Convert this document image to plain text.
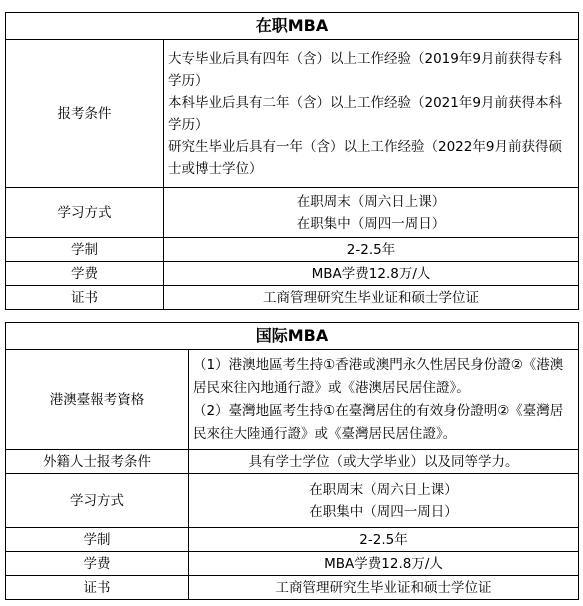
在职MBA	
报考条件	大专毕业后具有四年（含）以上工作经验（2019年9月前获得专科学历）
本科毕业后具有二年（含）以上工作经验（2021年9月前获得本科学历）
研究生毕业后具有一年（含）以上工作经验（2022年9月前获得硕士或博士学位）

学习方式	在职周末（周六日上课）
在职集中（周四一周日）

学制	2-2.5年
学费	MBA学费12.8万/人
证书	工商管理研究生毕业证和硕士学位证
国际MBA	
港澳臺報考資格	（1）港澳地區考生持①香港或澳門永久性居民身份證②《港澳居民來往內地通行證》或《港澳居民居住證》。
（2）臺灣地區考生持①在臺灣居住的有效身份證明②《臺灣居民來往大陸通行證》或《臺灣居民居住證》。

外籍人士报考条件	具有学士学位（或大学毕业）以及同等学力。
学习方式	在职周末（周六日上课）
在职集中（周四一周日）

学制	2-2.5年
学费	MBA学费12.8万/人
证书	工商管理研究生毕业证和硕士学位证
